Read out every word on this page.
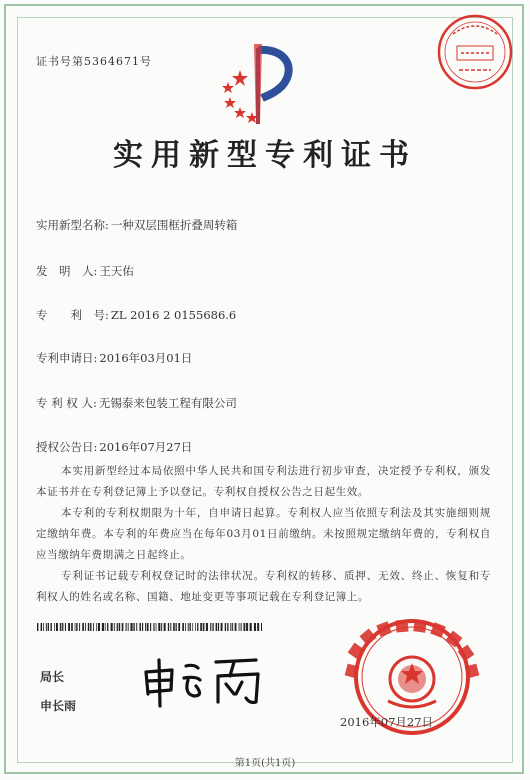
证书号第5364671号
实用新型专利证书
实用新型名称: 一种双层围框折叠周转箱
发　明　人: 王天佑
专　　利　号: ZL 2016 2 0155686.6
专利申请日: 2016年03月01日
专 利 权 人: 无锡泰来包装工程有限公司
授权公告日: 2016年07月27日
本实用新型经过本局依照中华人民共和国专利法进行初步审查，决定授予专利权，颁发本证书并在专利登记簿上予以登记。专利权自授权公告之日起生效。
本专利的专利权期限为十年，自申请日起算。专利权人应当依照专利法及其实施细则规定缴纳年费。本专利的年费应当在每年03月01日前缴纳。未按照规定缴纳年费的，专利权自应当缴纳年费期满之日起终止。
专利证书记载专利权登记时的法律状况。专利权的转移、质押、无效、终止、恢复和专利权人的姓名或名称、国籍、地址变更等事项记载在专利登记簿上。
局长
申长雨
2016年07月27日
第1页(共1页)
